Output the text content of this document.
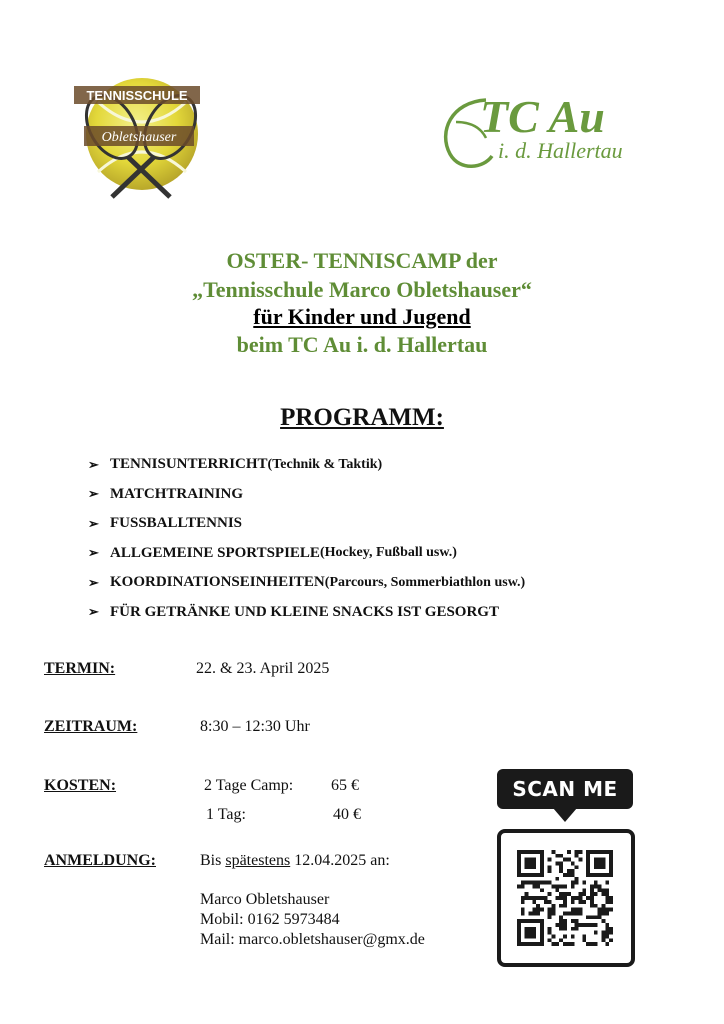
TENNISSCHULE
Obletshauser	TC Au
i. d. Hallertau
OSTER- TENNISCAMP der
„Tennisschule Marco Obletshauser“
für Kinder und Jugend
beim TC Au i. d. Hallertau
PROGRAMM:
➢ TENNISUNTERRICHT (Technik & Taktik)
➢ MATCHTRAINING
➢ FUSSBALLTENNIS
➢ ALLGEMEINE SPORTSPIELE (Hockey, Fußball usw.)
➢ KOORDINATIONSEINHEITEN (Parcours, Sommerbiathlon usw.)
➢ FÜR GETRÄNKE UND KLEINE SNACKS IST GESORGT
TERMIN:	22. & 23. April 2025
ZEITRAUM:	8:30 – 12:30 Uhr
KOSTEN:	2 Tage Camp: 65 €
1 Tag:	40 €
ANMELDUNG:	Bis spätestens 12.04.2025 an:
Marco Obletshauser
Mobil: 0162 5973484
Mail: marco.obletshauser@gmx.de
SCAN ME
